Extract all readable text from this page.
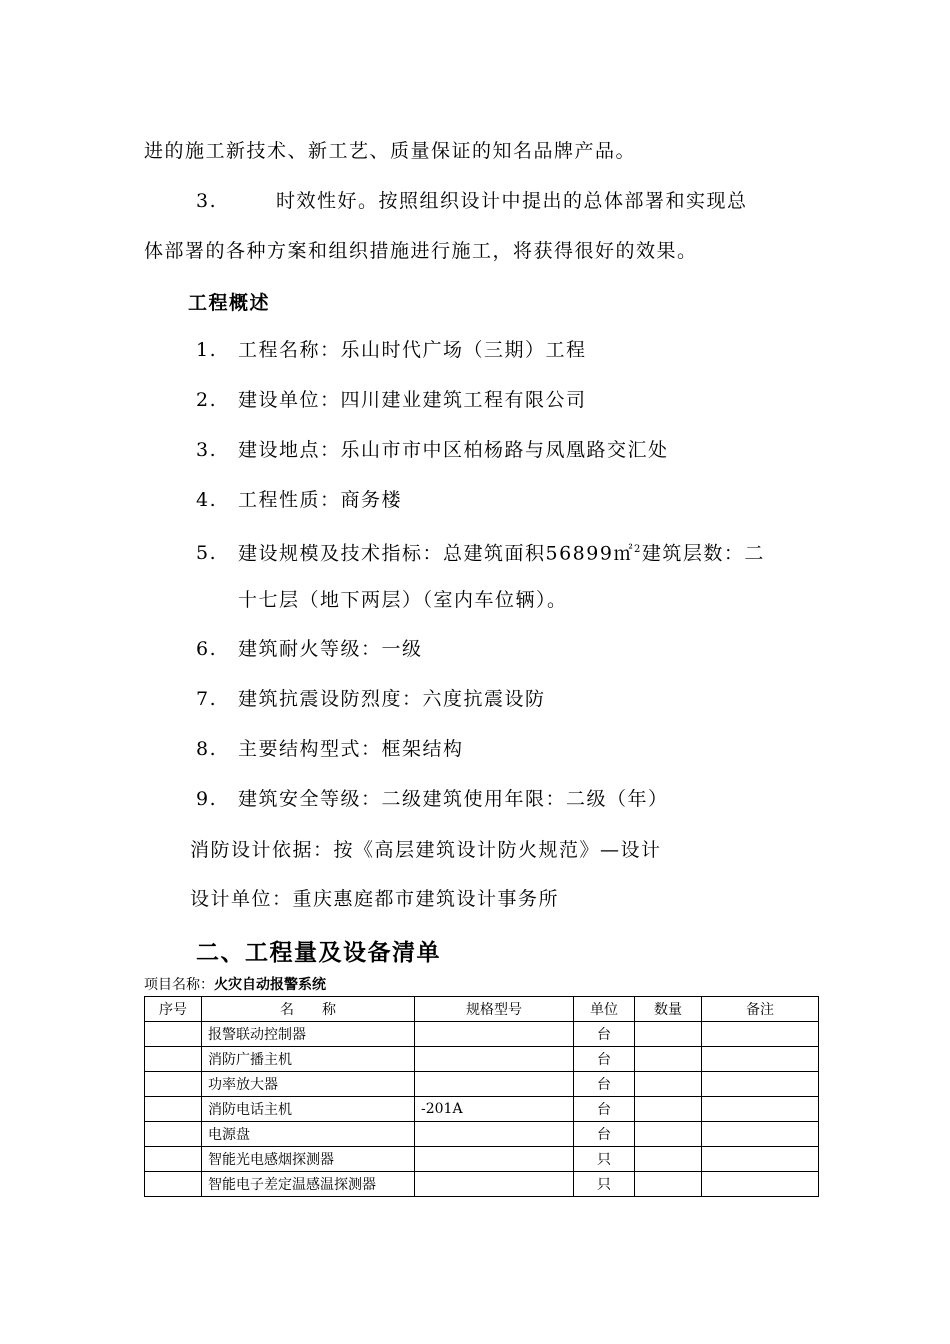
进的施工新技术、新工艺、质量保证的知名品牌产品。
3.	时效性好。按照组织设计中提出的总体部署和实现总
体部署的各种方案和组织措施进行施工，将获得很好的效果。
工程概述
1. 工程名称：乐山时代广场（三期）工程
2. 建设单位：四川建业建筑工程有限公司
3. 建设地点：乐山市市中区柏杨路与凤凰路交汇处
4. 工程性质：商务楼
5. 建设规模及技术指标：总建筑面积56899㎡$^2$建筑层数：二
十七层（地下两层）（室内车位辆）。
6. 建筑耐火等级：一级
7. 建筑抗震设防烈度：六度抗震设防
8. 主要结构型式：框架结构
9. 建筑安全等级：二级建筑使用年限：二级（年）
消防设计依据：按《高层建筑设计防火规范》—设计
设计单位：重庆惠庭都市建筑设计事务所
二、工程量及设备清单
项目名称：火灾自动报警系统
序号	名　　称	规格型号	单位	数量	备注
	报警联动控制器		台		
	消防广播主机		台		
	功率放大器		台		
	消防电话主机	-201A	台		
	电源盘		台		
	智能光电感烟探测器		只		
	智能电子差定温感温探测器		只		
